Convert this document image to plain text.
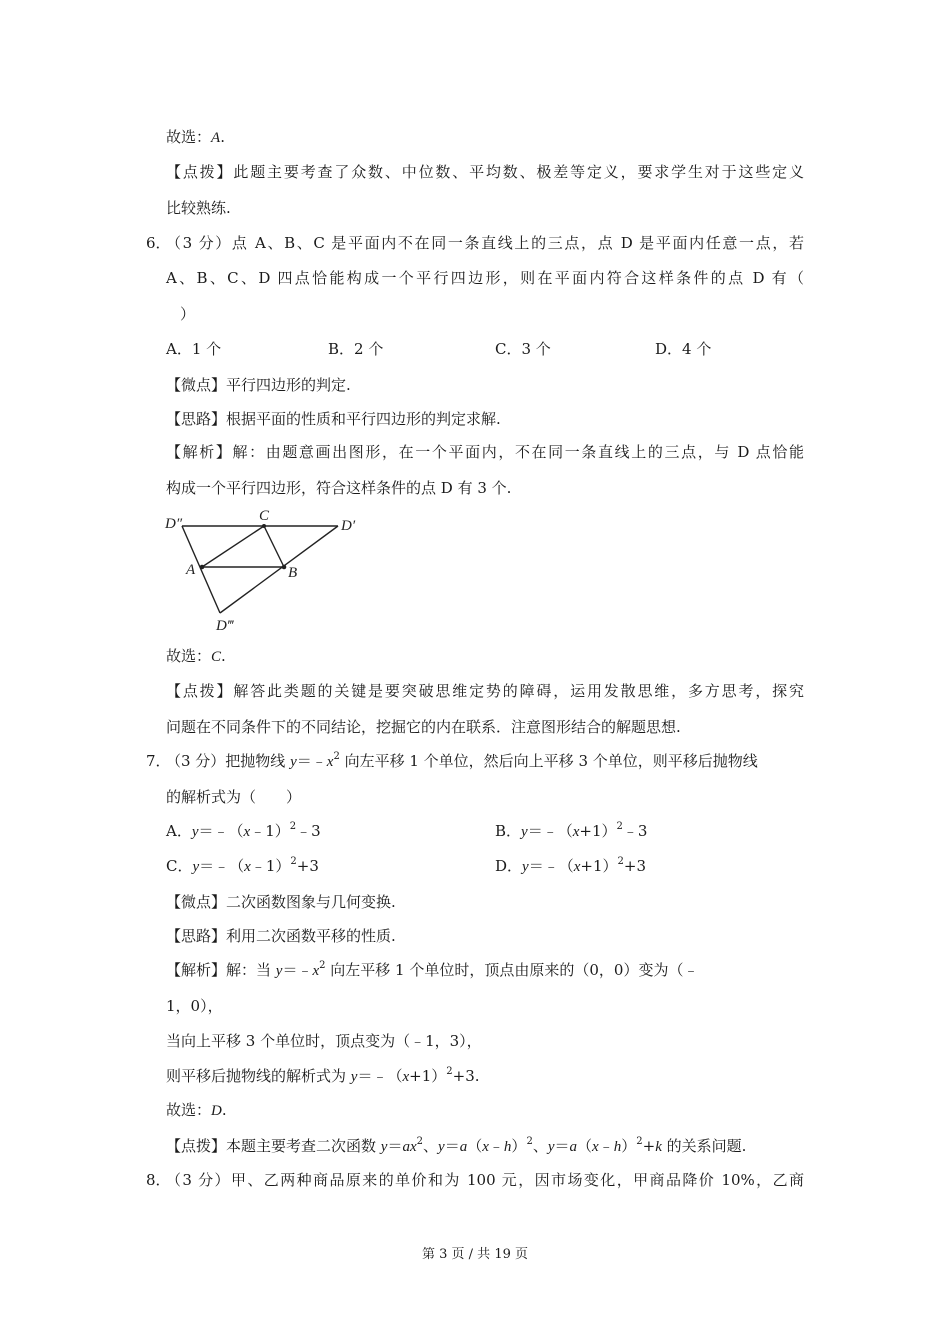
故选：A.
【点拨】此题主要考查了众数、中位数、平均数、极差等定义，要求学生对于这些定义
比较熟练.
6．
（3 分）点 A、B、C 是平面内不在同一条直线上的三点，点 D 是平面内任意一点，若
A、B、C、D 四点恰能构成一个平行四边形，则在平面内符合这样条件的点 D 有（
）
A．1 个	B．2 个	C．3 个	D．4 个
【微点】平行四边形的判定.
【思路】根据平面的性质和平行四边形的判定求解.
【解析】解：由题意画出图形，在一个平面内，不在同一条直线上的三点，与 D 点恰能
构成一个平行四边形，符合这样条件的点 D 有 3 个.
C
A	B
D′
D″
D‴
故选：C.
【点拨】解答此类题的关键是要突破思维定势的障碍，运用发散思维，多方思考，探究
问题在不同条件下的不同结论，挖掘它的内在联系．注意图形结合的解题思想.
7．
（3 分）把抛物线 $y=﹣x^2$ 向左平移 1 个单位，然后向上平移 3 个单位，则平移后抛物线
的解析式为（　　）
A．y＝﹣（x﹣1）$^2$﹣3	B．$y=﹣(x+1)^2﹣3$
C．y＝﹣（x﹣1）$^2$+3	D．$y=﹣(x+1)^2+3$
【微点】二次函数图象与几何变换.
【思路】利用二次函数平移的性质.
【解析】解：当 $y=﹣x^2$ 向左平移 1 个单位时，顶点由原来的（0，0）变为（﹣
1，0），
当向上平移 3 个单位时，顶点变为（﹣1，3），
则平移后抛物线的解析式为 $y=﹣(x+1)^2+3$.
故选：D.
【点拨】本题主要考查二次函数 $y=ax^2$、y＝a（x﹣h）$^2$、y＝a（x﹣h）$^2$+k 的关系问题.
8．
（3 分）甲、乙两种商品原来的单价和为 100 元，因市场变化，甲商品降价 10%，乙商
第 3 页 / 共 19 页
